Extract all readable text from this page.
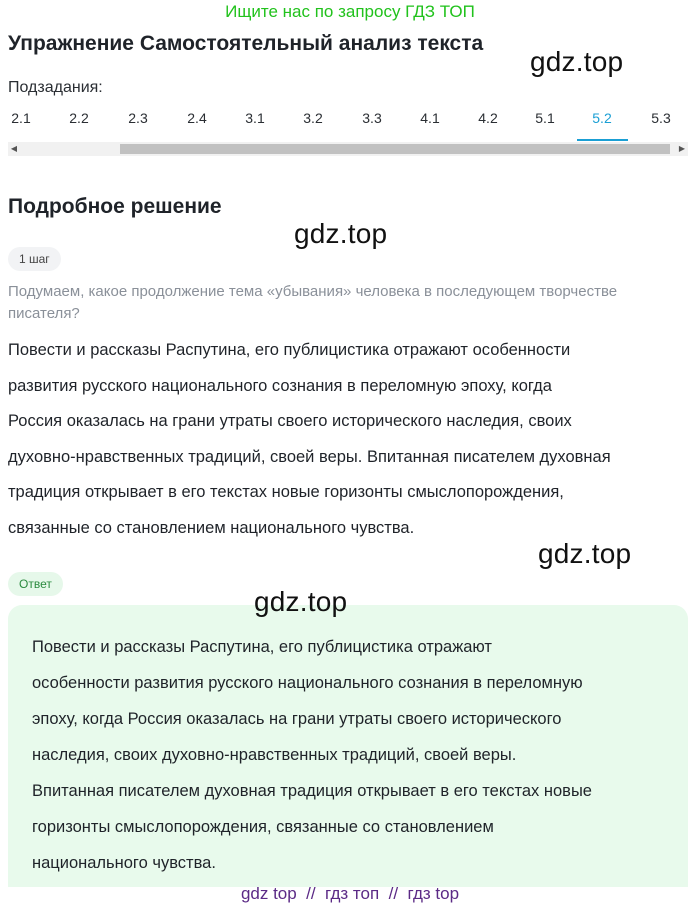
Ищите нас по запросу ГДЗ ТОП
Упражнение Самостоятельный анализ текста
gdz.top
Подзадания:
2.1	2.2	2.3	2.4	3.1	3.2	3.3	4.1	4.2	5.1	5.2	5.3
◀	▶
Подробное решение
gdz.top
1 шаг
Подумаем, какое продолжение тема «убывания» человека в последующем творчестве писателя?
Повести и рассказы Распутина, его публицистика отражают особенности
развития русского национального сознания в переломную эпоху, когда
Россия оказалась на грани утраты своего исторического наследия, своих
духовно-нравственных традиций, своей веры. Впитанная писателем духовная
традиция открывает в его текстах новые горизонты смыслопорождения,
связанные со становлением национального чувства.
gdz.top
Ответ
gdz.top
Повести и рассказы Распутина, его публицистика отражают
особенности развития русского национального сознания в переломную
эпоху, когда Россия оказалась на грани утраты своего исторического
наследия, своих духовно-нравственных традиций, своей веры.
Впитанная писателем духовная традиция открывает в его текстах новые
горизонты смыслопорождения, связанные со становлением
национального чувства.
gdz top  //  гдз топ  //  гдз top
